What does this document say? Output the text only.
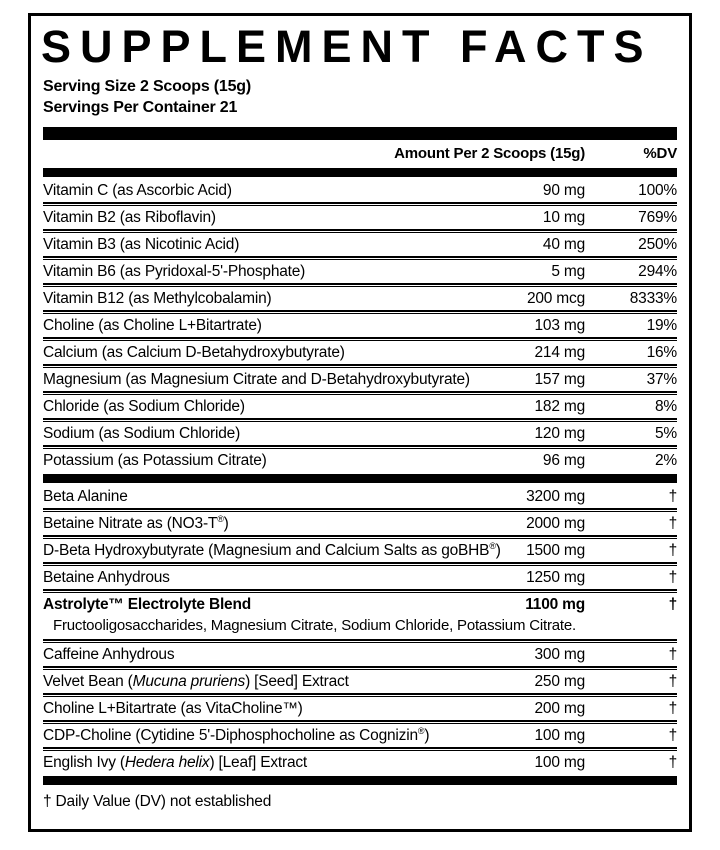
SUPPLEMENT FACTS
Serving Size 2 Scoops (15g)
Servings Per Container 21
Amount Per 2 Scoops (15g)	%DV
Vitamin C (as Ascorbic Acid)	90 mg	100%
Vitamin B2 (as Riboflavin)	10 mg	769%
Vitamin B3 (as Nicotinic Acid)	40 mg	250%
Vitamin B6 (as Pyridoxal-5'-Phosphate)	5 mg	294%
Vitamin B12 (as Methylcobalamin)	200 mcg	8333%
Choline (as Choline L+Bitartrate)	103 mg	19%
Calcium (as Calcium D-Betahydroxybutyrate)	214 mg	16%
Magnesium (as Magnesium Citrate and D-Betahydroxybutyrate)	157 mg	37%
Chloride (as Sodium Chloride)	182 mg	8%
Sodium (as Sodium Chloride)	120 mg	5%
Potassium (as Potassium Citrate)	96 mg	2%
Beta Alanine	3200 mg	†
Betaine Nitrate as (NO3-T®)	2000 mg	†
D-Beta Hydroxybutyrate (Magnesium and Calcium Salts as goBHB®)	1500 mg	†
Betaine Anhydrous	1250 mg	†
Astrolyte™ Electrolyte Blend	1100 mg	†
Fructooligosaccharides, Magnesium Citrate, Sodium Chloride, Potassium Citrate.
Caffeine Anhydrous	300 mg	†
Velvet Bean (Mucuna pruriens) [Seed] Extract	250 mg	†
Choline L+Bitartrate (as VitaCholine™)	200 mg	†
CDP-Choline (Cytidine 5'-Diphosphocholine as Cognizin®)	100 mg	†
English Ivy (Hedera helix) [Leaf] Extract	100 mg	†
† Daily Value (DV) not established
